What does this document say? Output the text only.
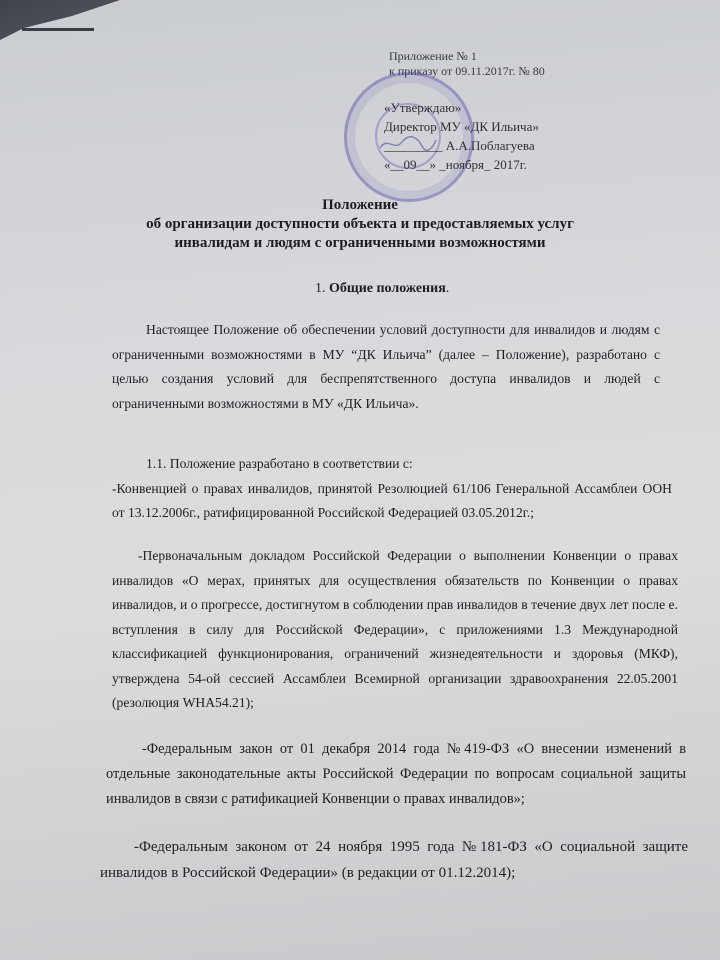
Приложение № 1
к приказу от 09.11.2017г. № 80
«Утверждаю»
Директор МУ «ДК Ильича»
_________ А.А.Поблагуева
«__09__» _ноября_ 2017г.
Положение
об организации доступности объекта и предоставляемых услуг
инвалидам и людям с ограниченными возможностями
1. Общие положения.
Настоящее Положение об обеспечении условий доступности для инвалидов и людям с ограниченными возможностями в МУ “ДК Ильича” (далее – Положение), разработано с целью создания условий для беспрепятственного доступа инвалидов и людей с ограниченными возможностями в МУ «ДК Ильича».
1.1. Положение разработано в соответствии с:
-Конвенцией о правах инвалидов, принятой Резолюцией 61/106 Генеральной Ассамблеи ООН от 13.12.2006г., ратифицированной Российской Федерацией 03.05.2012г.;
-Первоначальным докладом Российской Федерации о выполнении Конвенции о правах инвалидов «О мерах, принятых для осуществления обязательств по Конвенции о правах инвалидов, и о прогрессе, достигнутом в соблюдении прав инвалидов в течение двух лет после е. вступления в силу для Российской Федерации», с приложениями 1.3 Международной классификацией функционирования, ограничений жизнедеятельности и здоровья (МКФ), утверждена 54-ой сессией Ассамблеи Всемирной организации здравоохранения 22.05.2001 (резолюция WHA54.21);
-Федеральным закон от 01 декабря 2014 года №419-ФЗ «О внесении изменений в отдельные законодательные акты Российской Федерации по вопросам социальной защиты инвалидов в связи с ратификацией Конвенции о правах инвалидов»;
-Федеральным законом от 24 ноября 1995 года №181-ФЗ «О социальной защите инвалидов в Российской Федерации» (в редакции от 01.12.2014);
